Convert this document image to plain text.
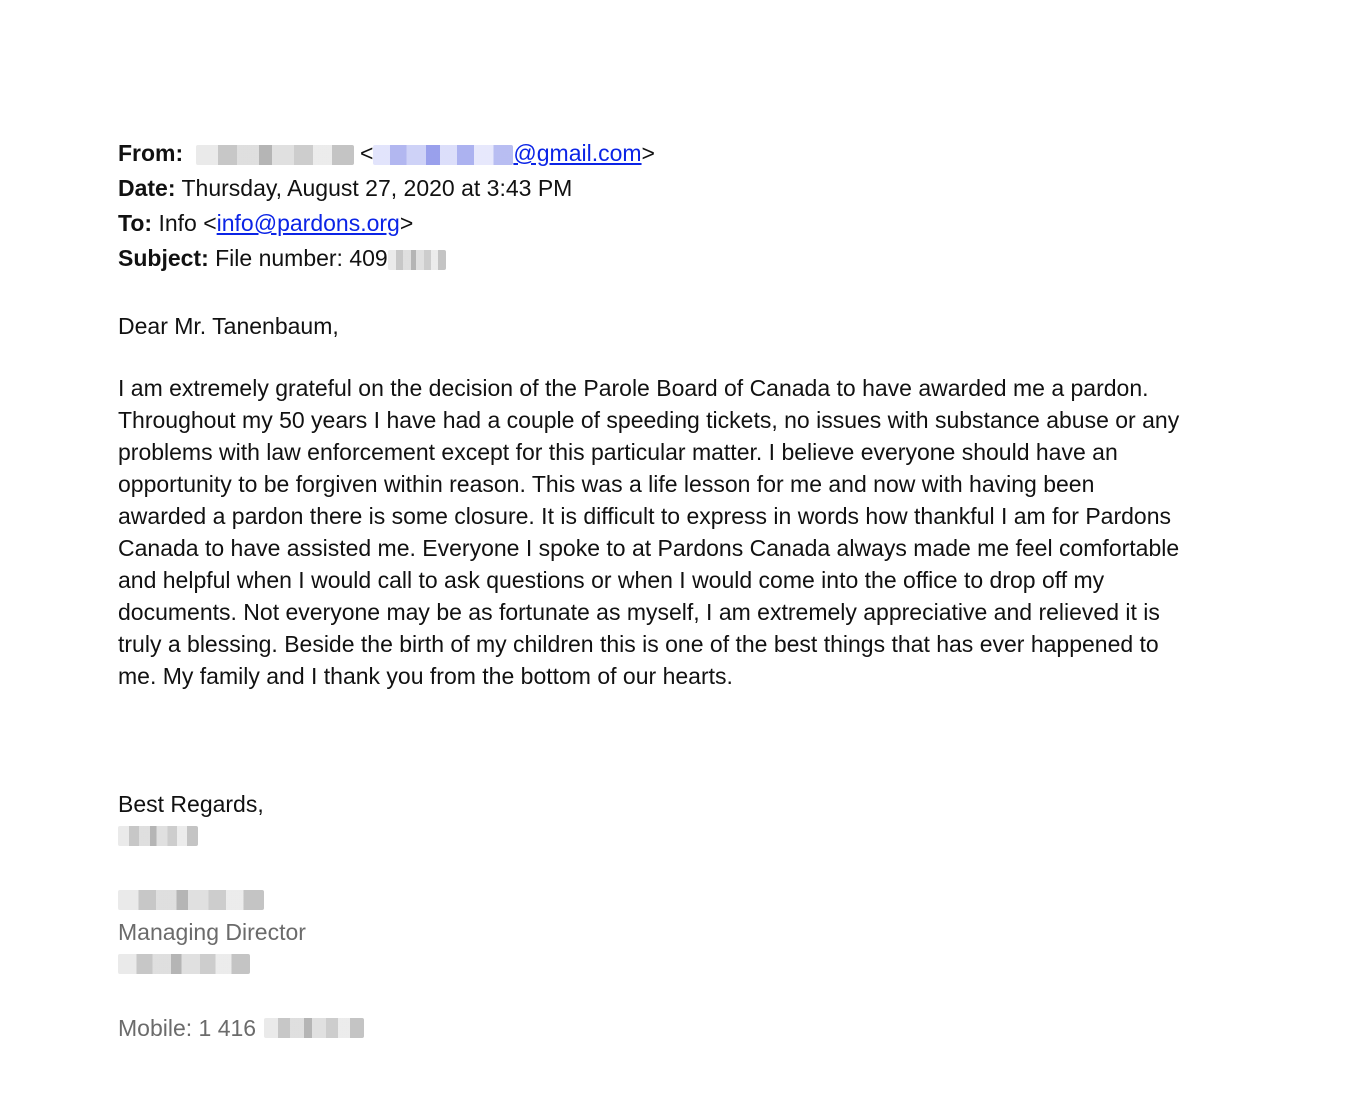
From:	<	@gmail.com>
Date: Thursday, August 27, 2020 at 3:43 PM
To: Info <info@pardons.org>
Subject: File number: 409
Dear Mr. Tanenbaum,
I am extremely grateful on the decision of the Parole Board of Canada to have awarded me a pardon.
Throughout my 50 years I have had a couple of speeding tickets, no issues with substance abuse or any
problems with law enforcement except for this particular matter. I believe everyone should have an
opportunity to be forgiven within reason. This was a life lesson for me and now with having been
awarded a pardon there is some closure. It is difficult to express in words how thankful I am for Pardons
Canada to have assisted me. Everyone I spoke to at Pardons Canada always made me feel comfortable
and helpful when I would call to ask questions or when I would come into the office to drop off my
documents. Not everyone may be as fortunate as myself, I am extremely appreciative and relieved it is
truly a blessing. Beside the birth of my children this is one of the best things that has ever happened to
me. My family and I thank you from the bottom of our hearts.
Best Regards,
Managing Director
Mobile: 1 416
